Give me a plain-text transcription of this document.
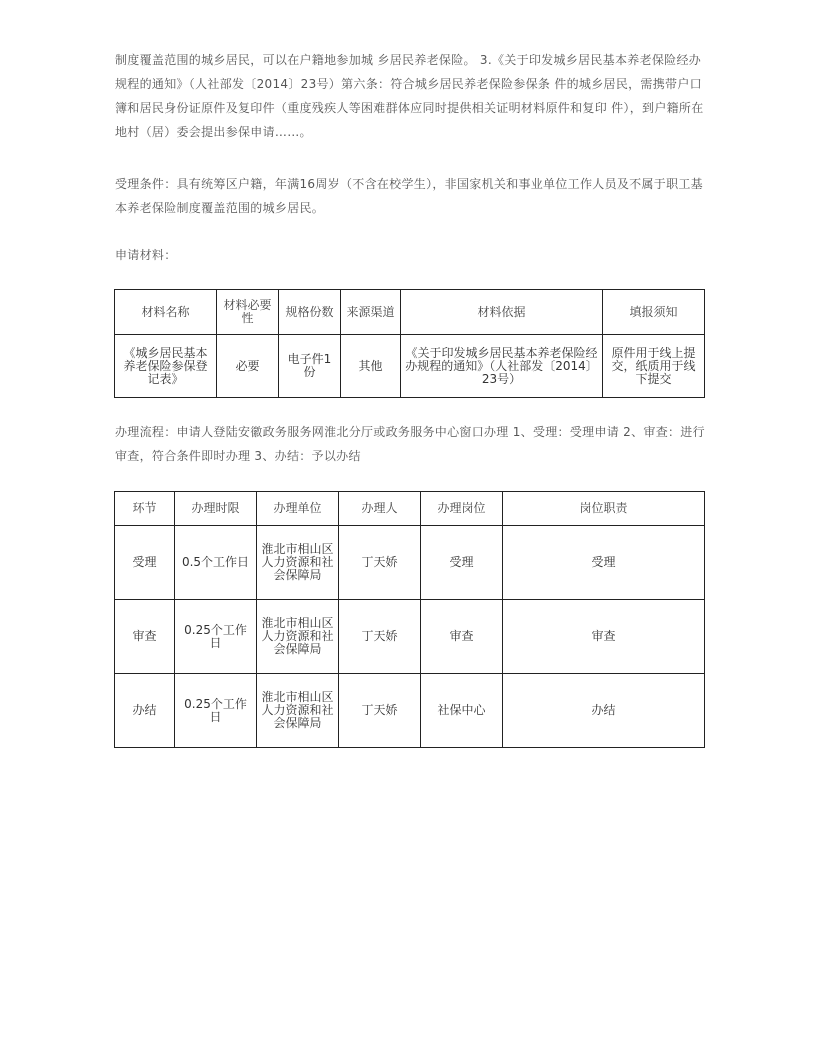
制度覆盖范围的城乡居民，可以在户籍地参加城 乡居民养老保险。 3.《关于印发城乡居民基本养老保险经办规程的通知》（人社部发〔2014〕23号）第六条：符合城乡居民养老保险参保条 件的城乡居民，需携带户口簿和居民身份证原件及复印件（重度残疾人等困难群体应同时提供相关证明材料原件和复印 件），到户籍所在地村（居）委会提出参保申请……。

受理条件：具有统筹区户籍，年满16周岁（不含在校学生），非国家机关和事业单位工作人员及不属于职工基本养老保险制度覆盖范围的城乡居民。

申请材料：

材料名称	材料必要性	规格份数	来源渠道	材料依据	填报须知
《城乡居民基本养老保险参保登记表》	必要	电子件1份	其他	《关于印发城乡居民基本养老保险经办规程的通知》（人社部发〔2014〕23号）	原件用于线上提交，纸质用于线下提交

办理流程：申请人登陆安徽政务服务网淮北分厅或政务服务中心窗口办理 1、受理：受理申请 2、审查：进行审查，符合条件即时办理 3、办结：予以办结

环节	办理时限	办理单位	办理人	办理岗位	岗位职责
受理	0.5个工作日	淮北市相山区人力资源和社会保障局	丁天娇	受理	受理
审查	0.25个工作日	淮北市相山区人力资源和社会保障局	丁天娇	审查	审查
办结	0.25个工作日	淮北市相山区人力资源和社会保障局	丁天娇	社保中心	办结
